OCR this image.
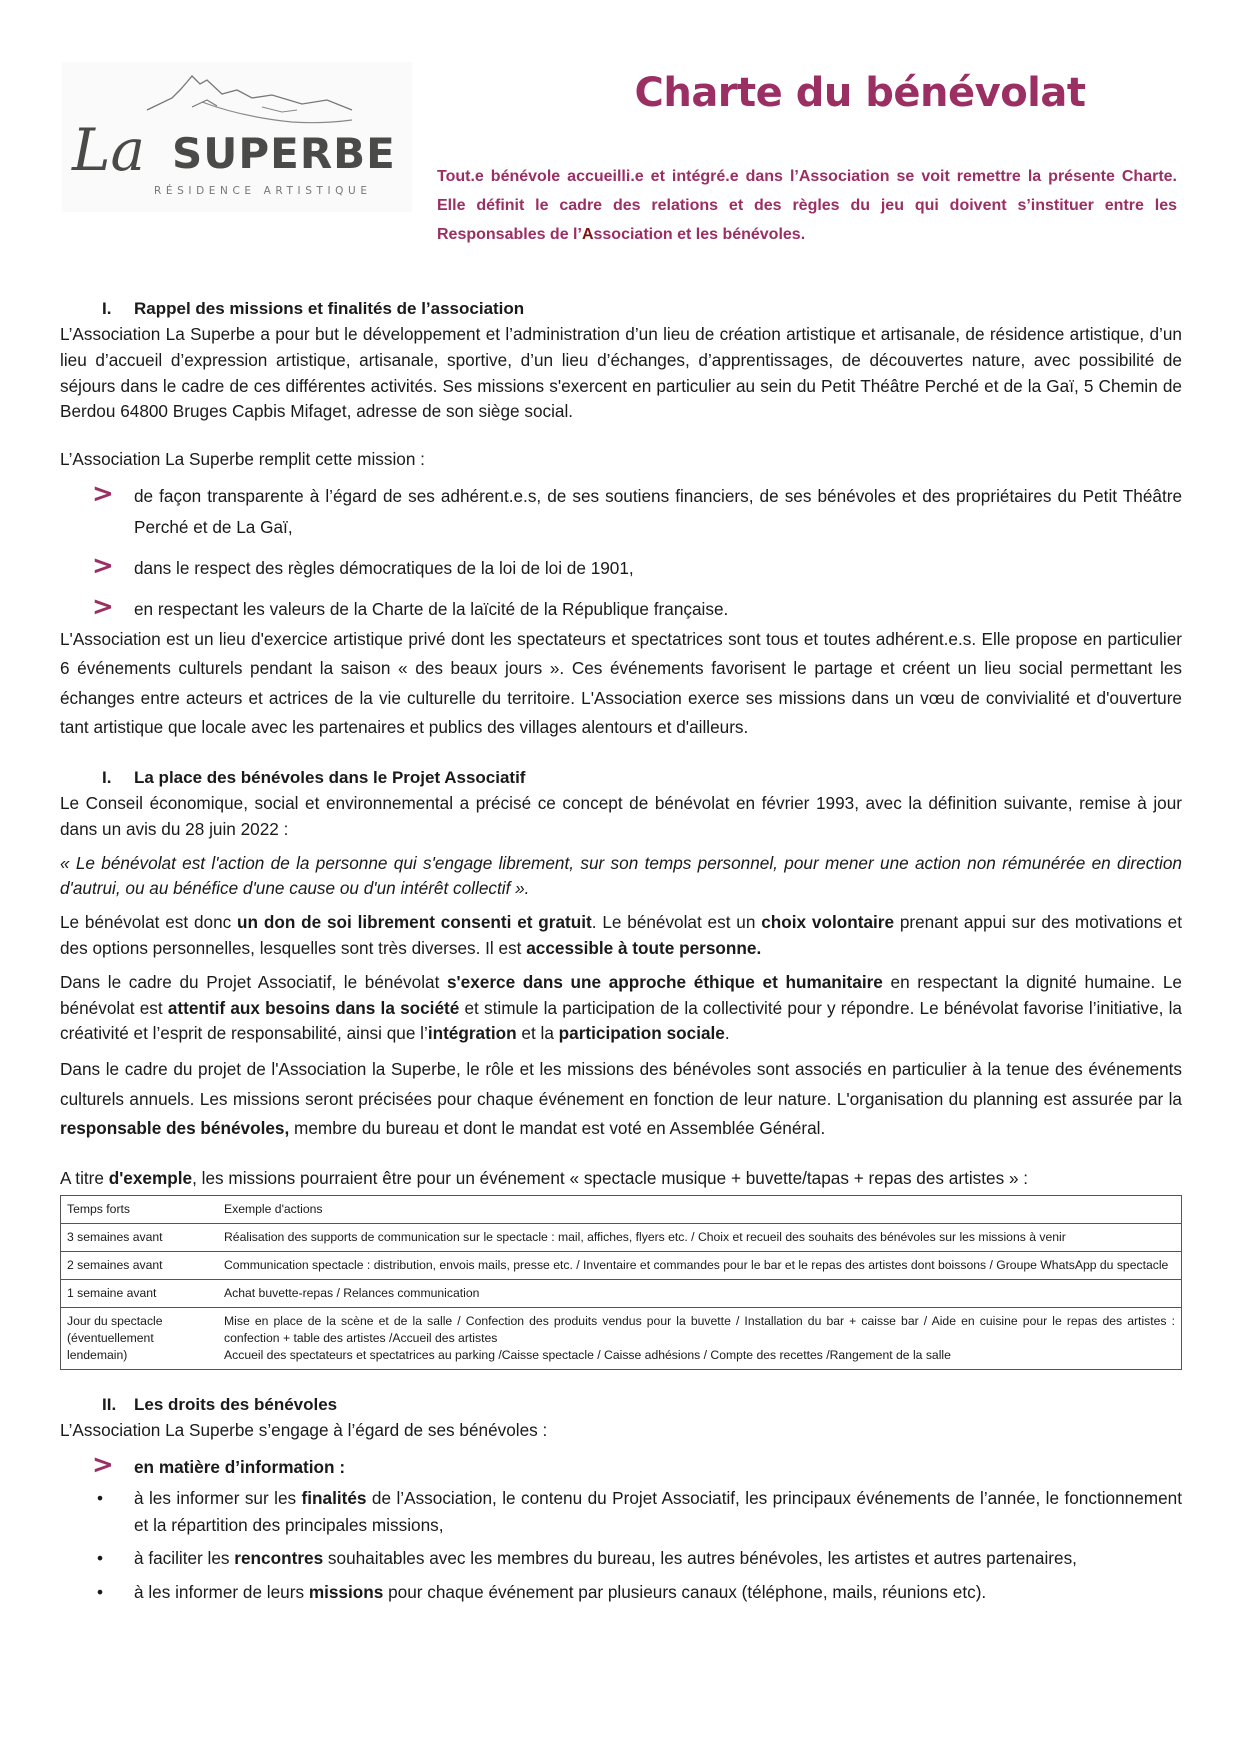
La SUPERBE
RÉSIDENCE ARTISTIQUE
Charte du bénévolat
Tout.e bénévole accueilli.e et intégré.e dans l’Association se voit remettre la présente Charte. Elle définit le cadre des relations et des règles du jeu qui doivent s’instituer entre les Responsables de l’Association et les bénévoles.
I. Rappel des missions et finalités de l’association

L’Association La Superbe a pour but le développement et l’administration d’un lieu de création artistique et artisanale, de résidence artistique, d’un lieu d’accueil d’expression artistique, artisanale, sportive, d’un lieu d’échanges, d’apprentissages, de découvertes nature, avec possibilité de séjours dans le cadre de ces différentes activités. Ses missions s'exercent en particulier au sein du Petit Théâtre Perché et de la Gaï, 5 Chemin de Berdou 64800 Bruges Capbis Mifaget, adresse de son siège social.

L’Association La Superbe remplit cette mission :

> de façon transparente à l’égard de ses adhérent.e.s, de ses soutiens financiers, de ses bénévoles et des propriétaires du Petit Théâtre Perché et de La Gaï,
> dans le respect des règles démocratiques de la loi de loi de 1901,
> en respectant les valeurs de la Charte de la laïcité de la République française.

L'Association est un lieu d'exercice artistique privé dont les spectateurs et spectatrices sont tous et toutes adhérent.e.s. Elle propose en particulier 6 événements culturels pendant la saison « des beaux jours ». Ces événements favorisent le partage et créent un lieu social permettant les échanges entre acteurs et actrices de la vie culturelle du territoire. L'Association exerce ses missions dans un vœu de convivialité et d'ouverture tant artistique que locale avec les partenaires et publics des villages alentours et d'ailleurs.

I. La place des bénévoles dans le Projet Associatif

Le Conseil économique, social et environnemental a précisé ce concept de bénévolat en février 1993, avec la définition suivante, remise à jour dans un avis du 28 juin 2022 :

« Le bénévolat est l'action de la personne qui s'engage librement, sur son temps personnel, pour mener une action non rémunérée en direction d'autrui, ou au bénéfice d'une cause ou d'un intérêt collectif ».

Le bénévolat est donc un don de soi librement consenti et gratuit. Le bénévolat est un choix volontaire prenant appui sur des motivations et des options personnelles, lesquelles sont très diverses. Il est accessible à toute personne.

Dans le cadre du Projet Associatif, le bénévolat s'exerce dans une approche éthique et humanitaire en respectant la dignité humaine. Le bénévolat est attentif aux besoins dans la société et stimule la participation de la collectivité pour y répondre. Le bénévolat favorise l’initiative, la créativité et l’esprit de responsabilité, ainsi que l’intégration et la participation sociale.

Dans le cadre du projet de l'Association la Superbe, le rôle et les missions des bénévoles sont associés en particulier à la tenue des événements culturels annuels. Les missions seront précisées pour chaque événement en fonction de leur nature. L'organisation du planning est assurée par la responsable des bénévoles, membre du bureau et dont le mandat est voté en Assemblée Général.

A titre d'exemple, les missions pourraient être pour un événement « spectacle musique + buvette/tapas + repas des artistes » :

Temps forts	Exemple d'actions
3 semaines avant	Réalisation des supports de communication sur le spectacle : mail, affiches, flyers etc. / Choix et recueil des souhaits des bénévoles sur les missions à venir
2 semaines avant	Communication spectacle : distribution, envois mails, presse etc. / Inventaire et commandes pour le bar et le repas des artistes dont boissons / Groupe WhatsApp du spectacle
1 semaine avant	Achat buvette-repas / Relances communication
Jour du spectacle (éventuellement lendemain)	Mise en place de la scène et de la salle / Confection des produits vendus pour la buvette / Installation du bar + caisse bar / Aide en cuisine pour le repas des artistes : confection + table des artistes /Accueil des artistes
Accueil des spectateurs et spectatrices au parking /Caisse spectacle / Caisse adhésions / Compte des recettes /Rangement de la salle
II. Les droits des bénévoles

L’Association La Superbe s’engage à l’égard de ses bénévoles :

> en matière d’information :
• à les informer sur les finalités de l’Association, le contenu du Projet Associatif, les principaux événements de l’année, le fonctionnement et la répartition des principales missions,
• à faciliter les rencontres souhaitables avec les membres du bureau, les autres bénévoles, les artistes et autres partenaires,
• à les informer de leurs missions pour chaque événement par plusieurs canaux (téléphone, mails, réunions etc).
